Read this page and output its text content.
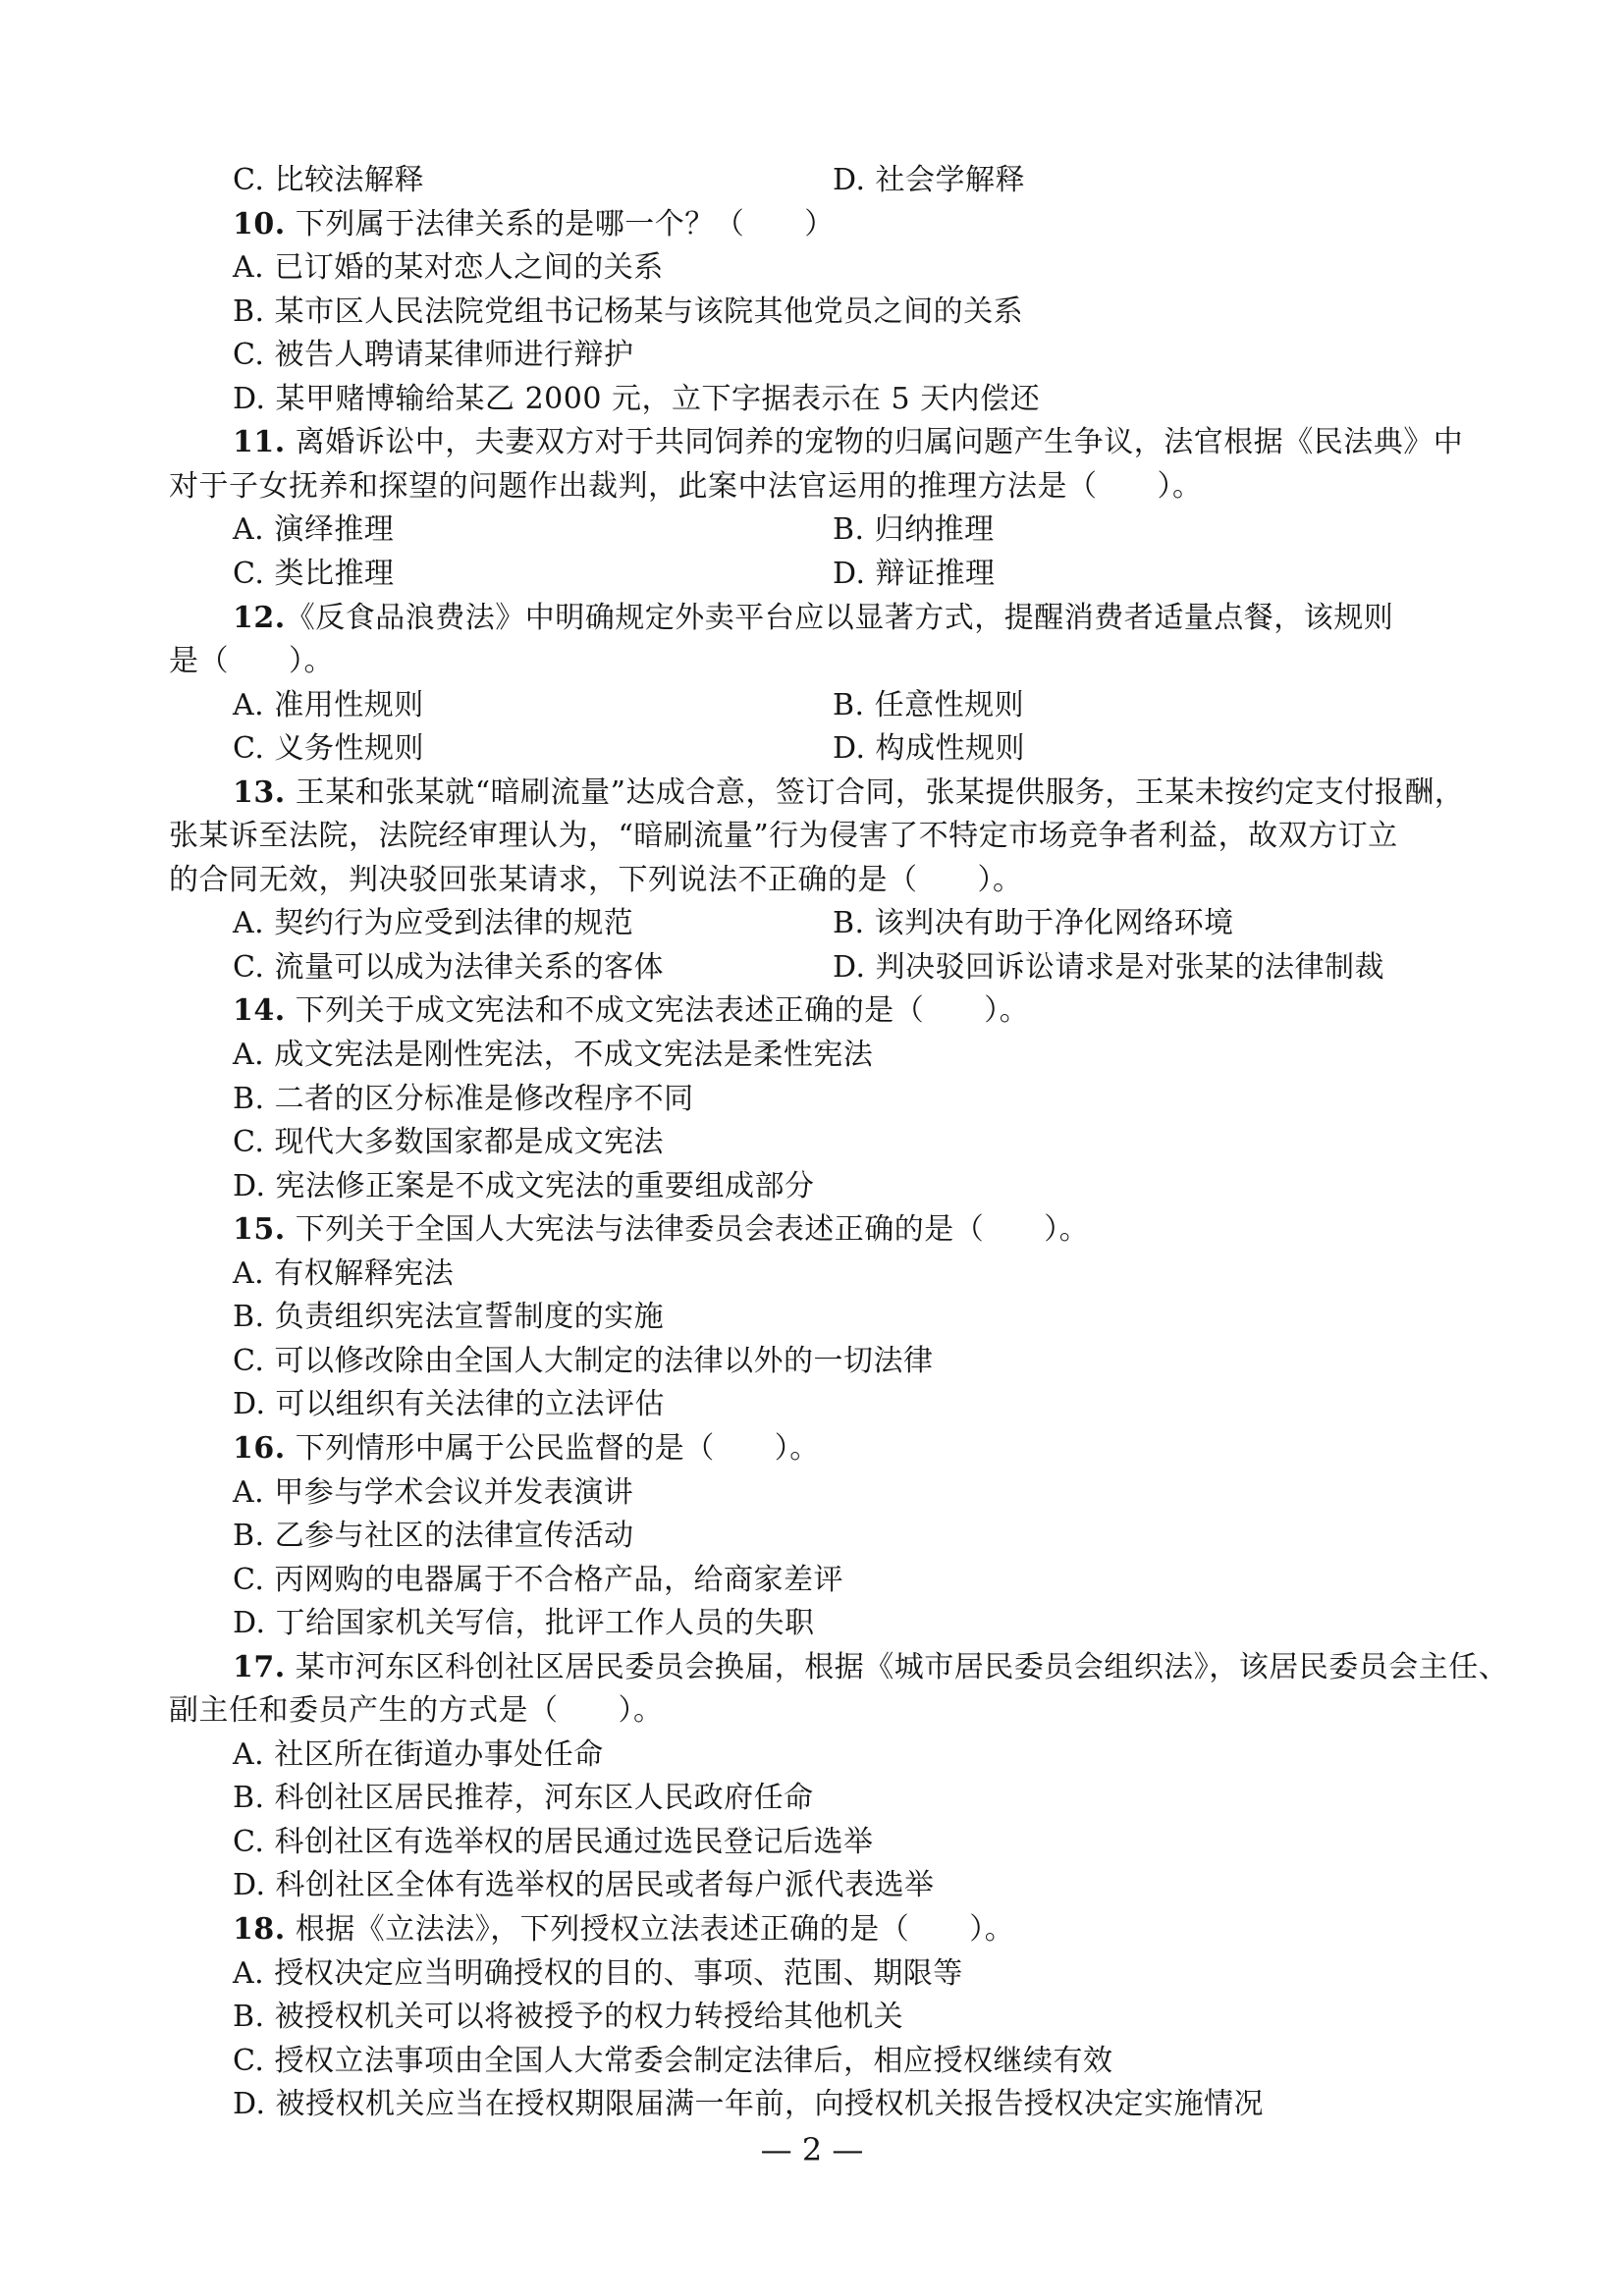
C. 比较法解释	D. 社会学解释
10. 下列属于法律关系的是哪一个？（　　）
A. 已订婚的某对恋人之间的关系
B. 某市区人民法院党组书记杨某与该院其他党员之间的关系
C. 被告人聘请某律师进行辩护
D. 某甲赌博输给某乙 2000 元，立下字据表示在 5 天内偿还
11. 离婚诉讼中，夫妻双方对于共同饲养的宠物的归属问题产生争议，法官根据《民法典》中
对于子女抚养和探望的问题作出裁判，此案中法官运用的推理方法是（　　）。
A. 演绎推理	B. 归纳推理
C. 类比推理	D. 辩证推理
12.《反食品浪费法》中明确规定外卖平台应以显著方式，提醒消费者适量点餐，该规则
是（　　）。
A. 准用性规则	B. 任意性规则
C. 义务性规则	D. 构成性规则
13. 王某和张某就“暗刷流量”达成合意，签订合同，张某提供服务，王某未按约定支付报酬，
张某诉至法院，法院经审理认为，“暗刷流量”行为侵害了不特定市场竞争者利益，故双方订立
的合同无效，判决驳回张某请求，下列说法不正确的是（　　）。
A. 契约行为应受到法律的规范	B. 该判决有助于净化网络环境
C. 流量可以成为法律关系的客体	D. 判决驳回诉讼请求是对张某的法律制裁
14. 下列关于成文宪法和不成文宪法表述正确的是（　　）。
A. 成文宪法是刚性宪法，不成文宪法是柔性宪法
B. 二者的区分标准是修改程序不同
C. 现代大多数国家都是成文宪法
D. 宪法修正案是不成文宪法的重要组成部分
15. 下列关于全国人大宪法与法律委员会表述正确的是（　　）。
A. 有权解释宪法
B. 负责组织宪法宣誓制度的实施
C. 可以修改除由全国人大制定的法律以外的一切法律
D. 可以组织有关法律的立法评估
16. 下列情形中属于公民监督的是（　　）。
A. 甲参与学术会议并发表演讲
B. 乙参与社区的法律宣传活动
C. 丙网购的电器属于不合格产品，给商家差评
D. 丁给国家机关写信，批评工作人员的失职
17. 某市河东区科创社区居民委员会换届，根据《城市居民委员会组织法》，该居民委员会主任、
副主任和委员产生的方式是（　　）。
A. 社区所在街道办事处任命
B. 科创社区居民推荐，河东区人民政府任命
C. 科创社区有选举权的居民通过选民登记后选举
D. 科创社区全体有选举权的居民或者每户派代表选举
18. 根据《立法法》，下列授权立法表述正确的是（　　）。
A. 授权决定应当明确授权的目的、事项、范围、期限等
B. 被授权机关可以将被授予的权力转授给其他机关
C. 授权立法事项由全国人大常委会制定法律后，相应授权继续有效
D. 被授权机关应当在授权期限届满一年前，向授权机关报告授权决定实施情况
— 2 —
